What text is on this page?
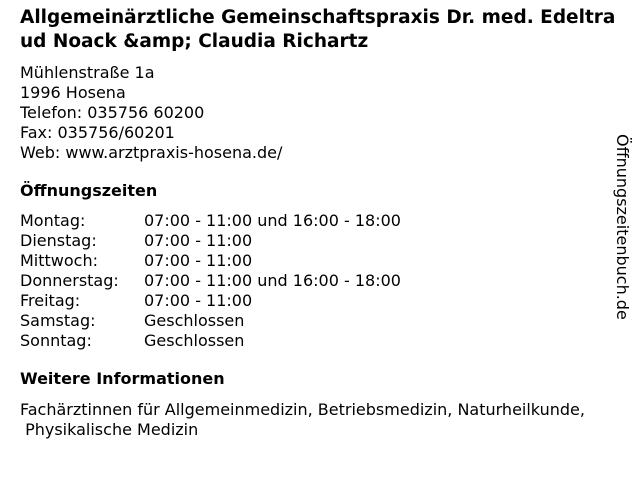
Allgemeinärztliche Gemeinschaftspraxis Dr. med. Edeltraud Noack &amp; Claudia Richartz
Mühlenstraße 1a
1996 Hosena
Telefon: 035756 60200
Fax: 035756/60201
Web: www.arztpraxis-hosena.de/
Öffnungszeiten
Montag:	07:00 - 11:00 und 16:00 - 18:00
Dienstag:	07:00 - 11:00
Mittwoch:	07:00 - 11:00
Donnerstag:	07:00 - 11:00 und 16:00 - 18:00
Freitag:	07:00 - 11:00
Samstag:	Geschlossen
Sonntag:	Geschlossen
Weitere Informationen
Fachärztinnen für Allgemeinmedizin, Betriebsmedizin, Naturheilkunde,
Physikalische Medizin
Öffnungszeitenbuch.de
